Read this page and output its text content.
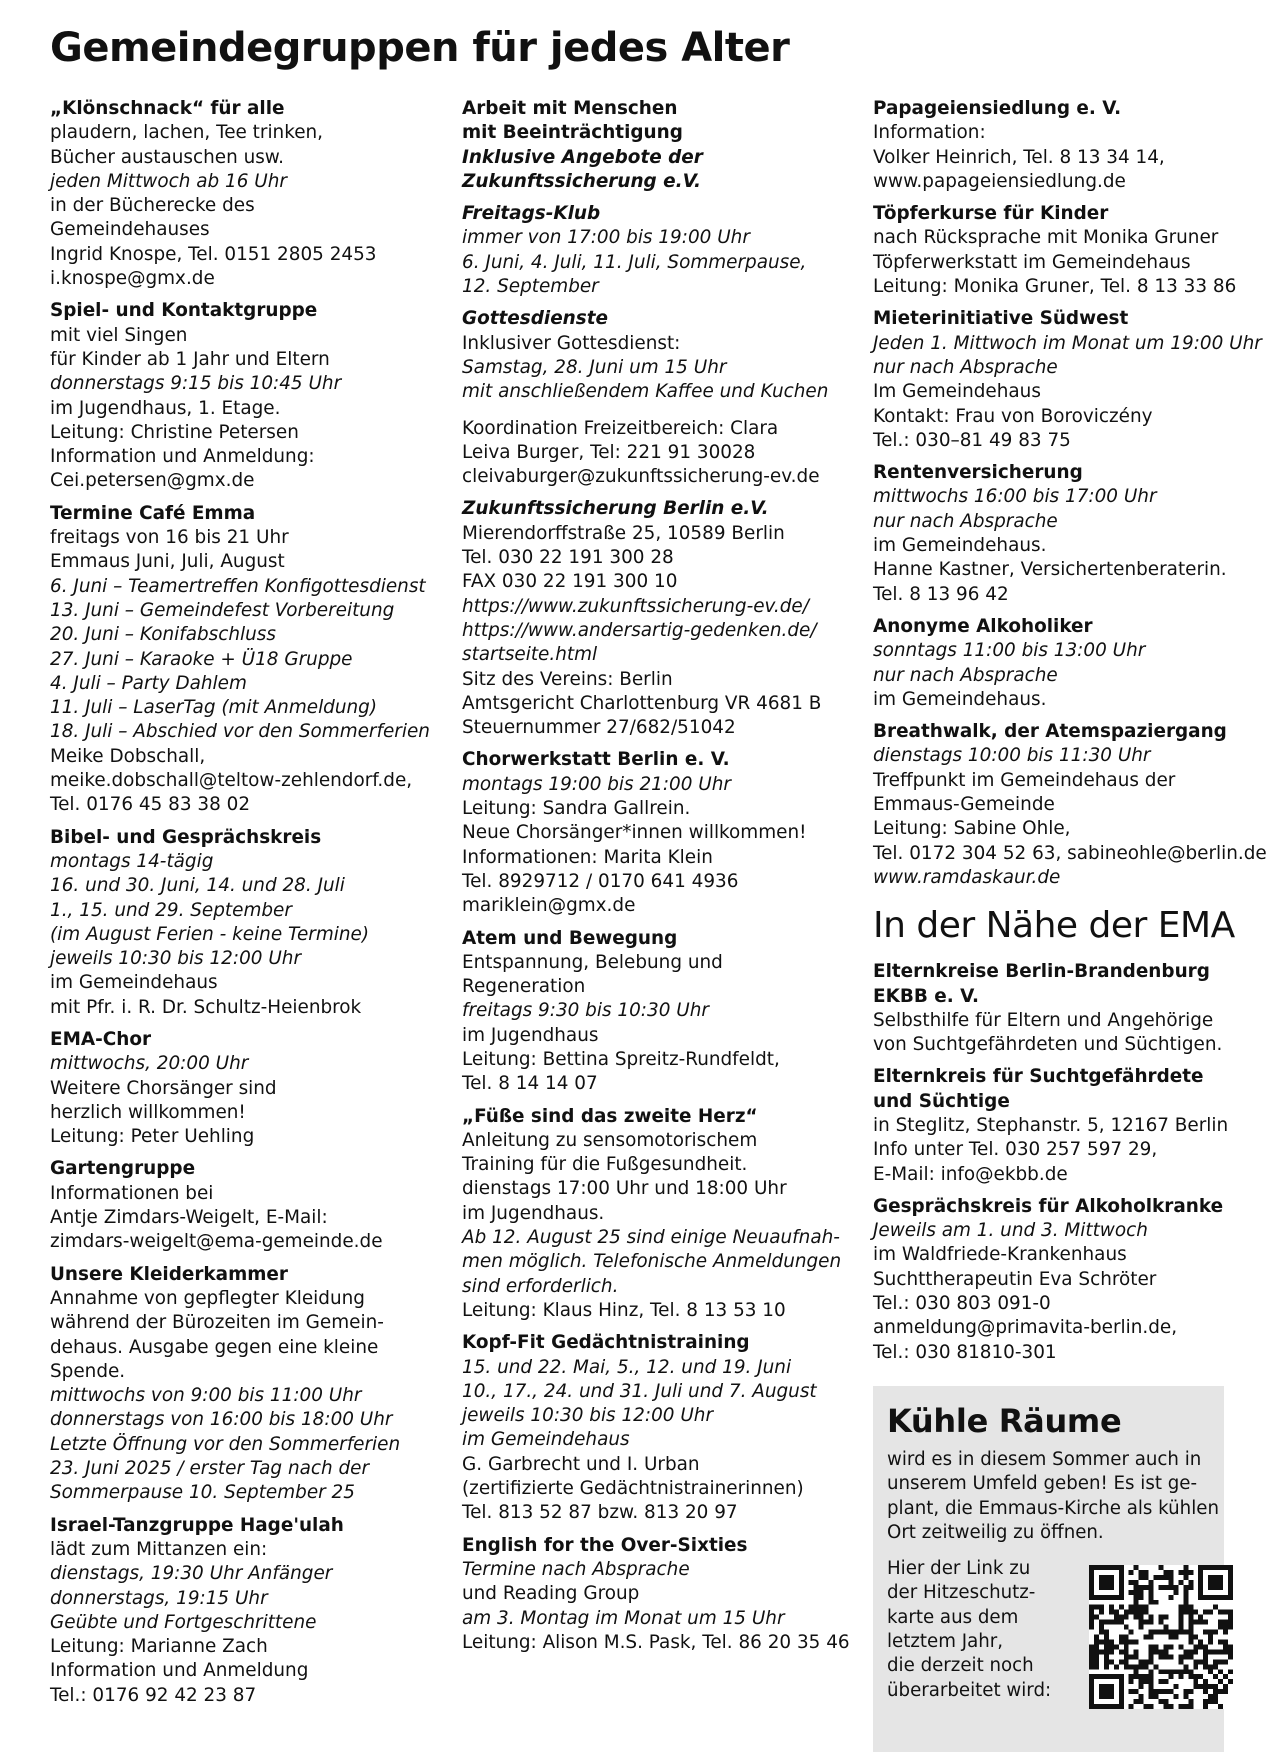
Gemeindegruppen für jedes Alter
„Klönschnack“ für alle
plaudern, lachen, Tee trinken,
Bücher austauschen usw.
jeden Mittwoch ab 16 Uhr
in der Bücherecke des
Gemeindehauses
Ingrid Knospe, Tel. 0151 2805 2453
i.knospe@gmx.de
Spiel- und Kontaktgruppe
mit viel Singen
für Kinder ab 1 Jahr und Eltern
donnerstags 9:15 bis 10:45 Uhr
im Jugendhaus, 1. Etage.
Leitung: Christine Petersen
Information und Anmeldung:
Cei.petersen@gmx.de
Termine Café Emma
freitags von 16 bis 21 Uhr
Emmaus Juni, Juli, August
6. Juni – Teamertreffen Konfigottesdienst
13. Juni – Gemeindefest Vorbereitung
20. Juni – Konifabschluss
27. Juni – Karaoke + Ü18 Gruppe
4. Juli – Party Dahlem
11. Juli – LaserTag (mit Anmeldung)
18. Juli – Abschied vor den Sommerferien
Meike Dobschall,
meike.dobschall@teltow-zehlendorf.de,
Tel. 0176 45 83 38 02
Bibel- und Gesprächskreis
montags 14-tägig
16. und 30. Juni, 14. und 28. Juli
1., 15. und 29. September
(im August Ferien - keine Termine)
jeweils 10:30 bis 12:00 Uhr
im Gemeindehaus
mit Pfr. i. R. Dr. Schultz-Heienbrok
EMA-Chor
mittwochs, 20:00 Uhr
Weitere Chorsänger sind
herzlich willkommen!
Leitung: Peter Uehling
Gartengruppe
Informationen bei
Antje Zimdars-Weigelt, E-Mail:
zimdars-weigelt@ema-gemeinde.de
Unsere Kleiderkammer
Annahme von gepflegter Kleidung
während der Bürozeiten im Gemein-
dehaus. Ausgabe gegen eine kleine
Spende.
mittwochs von 9:00 bis 11:00 Uhr
donnerstags von 16:00 bis 18:00 Uhr
Letzte Öffnung vor den Sommerferien
23. Juni 2025 / erster Tag nach der
Sommerpause 10. September 25
Israel-Tanzgruppe Hage'ulah
lädt zum Mittanzen ein:
dienstags, 19:30 Uhr Anfänger
donnerstags, 19:15 Uhr
Geübte und Fortgeschrittene
Leitung: Marianne Zach
Information und Anmeldung
Tel.: 0176 92 42 23 87
Arbeit mit Menschen
mit Beeinträchtigung
Inklusive Angebote der
Zukunftssicherung e.V.
Freitags-Klub
immer von 17:00 bis 19:00 Uhr
6. Juni, 4. Juli, 11. Juli, Sommerpause,
12. September
Gottesdienste
Inklusiver Gottesdienst:
Samstag, 28. Juni um 15 Uhr
mit anschließendem Kaffee und Kuchen
Koordination Freizeitbereich: Clara
Leiva Burger, Tel: 221 91 30028
cleivaburger@zukunftssicherung-ev.de
Zukunftssicherung Berlin e.V.
Mierendorffstraße 25, 10589 Berlin
Tel. 030 22 191 300 28
FAX 030 22 191 300 10
https://www.zukunftssicherung-ev.de/
https://www.andersartig-gedenken.de/
startseite.html
Sitz des Vereins: Berlin
Amtsgericht Charlottenburg VR 4681 B
Steuernummer 27/682/51042
Chorwerkstatt Berlin e. V.
montags 19:00 bis 21:00 Uhr
Leitung: Sandra Gallrein.
Neue Chorsänger*innen willkommen!
Informationen: Marita Klein
Tel. 8929712 / 0170 641 4936
mariklein@gmx.de
Atem und Bewegung
Entspannung, Belebung und
Regeneration
freitags 9:30 bis 10:30 Uhr
im Jugendhaus
Leitung: Bettina Spreitz-Rundfeldt,
Tel. 8 14 14 07
„Füße sind das zweite Herz“
Anleitung zu sensomotorischem
Training für die Fußgesundheit.
dienstags 17:00 Uhr und 18:00 Uhr
im Jugendhaus.
Ab 12. August 25 sind einige Neuaufnah-
men möglich. Telefonische Anmeldungen
sind erforderlich.
Leitung: Klaus Hinz, Tel. 8 13 53 10
Kopf-Fit Gedächtnistraining
15. und 22. Mai, 5., 12. und 19. Juni
10., 17., 24. und 31. Juli und 7. August
jeweils 10:30 bis 12:00 Uhr
im Gemeindehaus
G. Garbrecht und I. Urban
(zertifizierte Gedächtnistrainerinnen)
Tel. 813 52 87 bzw. 813 20 97
English for the Over-Sixties
Termine nach Absprache
und Reading Group
am 3. Montag im Monat um 15 Uhr
Leitung: Alison M.S. Pask, Tel. 86 20 35 46
Papageiensiedlung e. V.
Information:
Volker Heinrich, Tel. 8 13 34 14,
www.papageiensiedlung.de
Töpferkurse für Kinder
nach Rücksprache mit Monika Gruner
Töpferwerkstatt im Gemeindehaus
Leitung: Monika Gruner, Tel. 8 13 33 86
Mieterinitiative Südwest
Jeden 1. Mittwoch im Monat um 19:00 Uhr
nur nach Absprache
Im Gemeindehaus
Kontakt: Frau von Boroviczény
Tel.: 030–81 49 83 75
Rentenversicherung
mittwochs 16:00 bis 17:00 Uhr
nur nach Absprache
im Gemeindehaus.
Hanne Kastner, Versichertenberaterin.
Tel. 8 13 96 42
Anonyme Alkoholiker
sonntags 11:00 bis 13:00 Uhr
nur nach Absprache
im Gemeindehaus.
Breathwalk, der Atemspaziergang
dienstags 10:00 bis 11:30 Uhr
Treffpunkt im Gemeindehaus der
Emmaus-Gemeinde
Leitung: Sabine Ohle,
Tel. 0172 304 52 63, sabineohle@berlin.de
www.ramdaskaur.de
In der Nähe der EMA
Elternkreise Berlin-Brandenburg
EKBB e. V.
Selbsthilfe für Eltern und Angehörige
von Suchtgefährdeten und Süchtigen.
Elternkreis für Suchtgefährdete
und Süchtige
in Steglitz, Stephanstr. 5, 12167 Berlin
Info unter Tel. 030 257 597 29,
E-Mail: info@ekbb.de
Gesprächskreis für Alkoholkranke
Jeweils am 1. und 3. Mittwoch
im Waldfriede-Krankenhaus
Suchttherapeutin Eva Schröter
Tel.: 030 803 091-0
anmeldung@primavita-berlin.de,
Tel.: 030 81810-301
Kühle Räume
wird es in diesem Sommer auch in
unserem Umfeld geben! Es ist ge-
plant, die Emmaus-Kirche als kühlen
Ort zeitweilig zu öffnen.
Hier der Link zu
der Hitzeschutz-
karte aus dem
letztem Jahr,
die derzeit noch
überarbeitet wird:
